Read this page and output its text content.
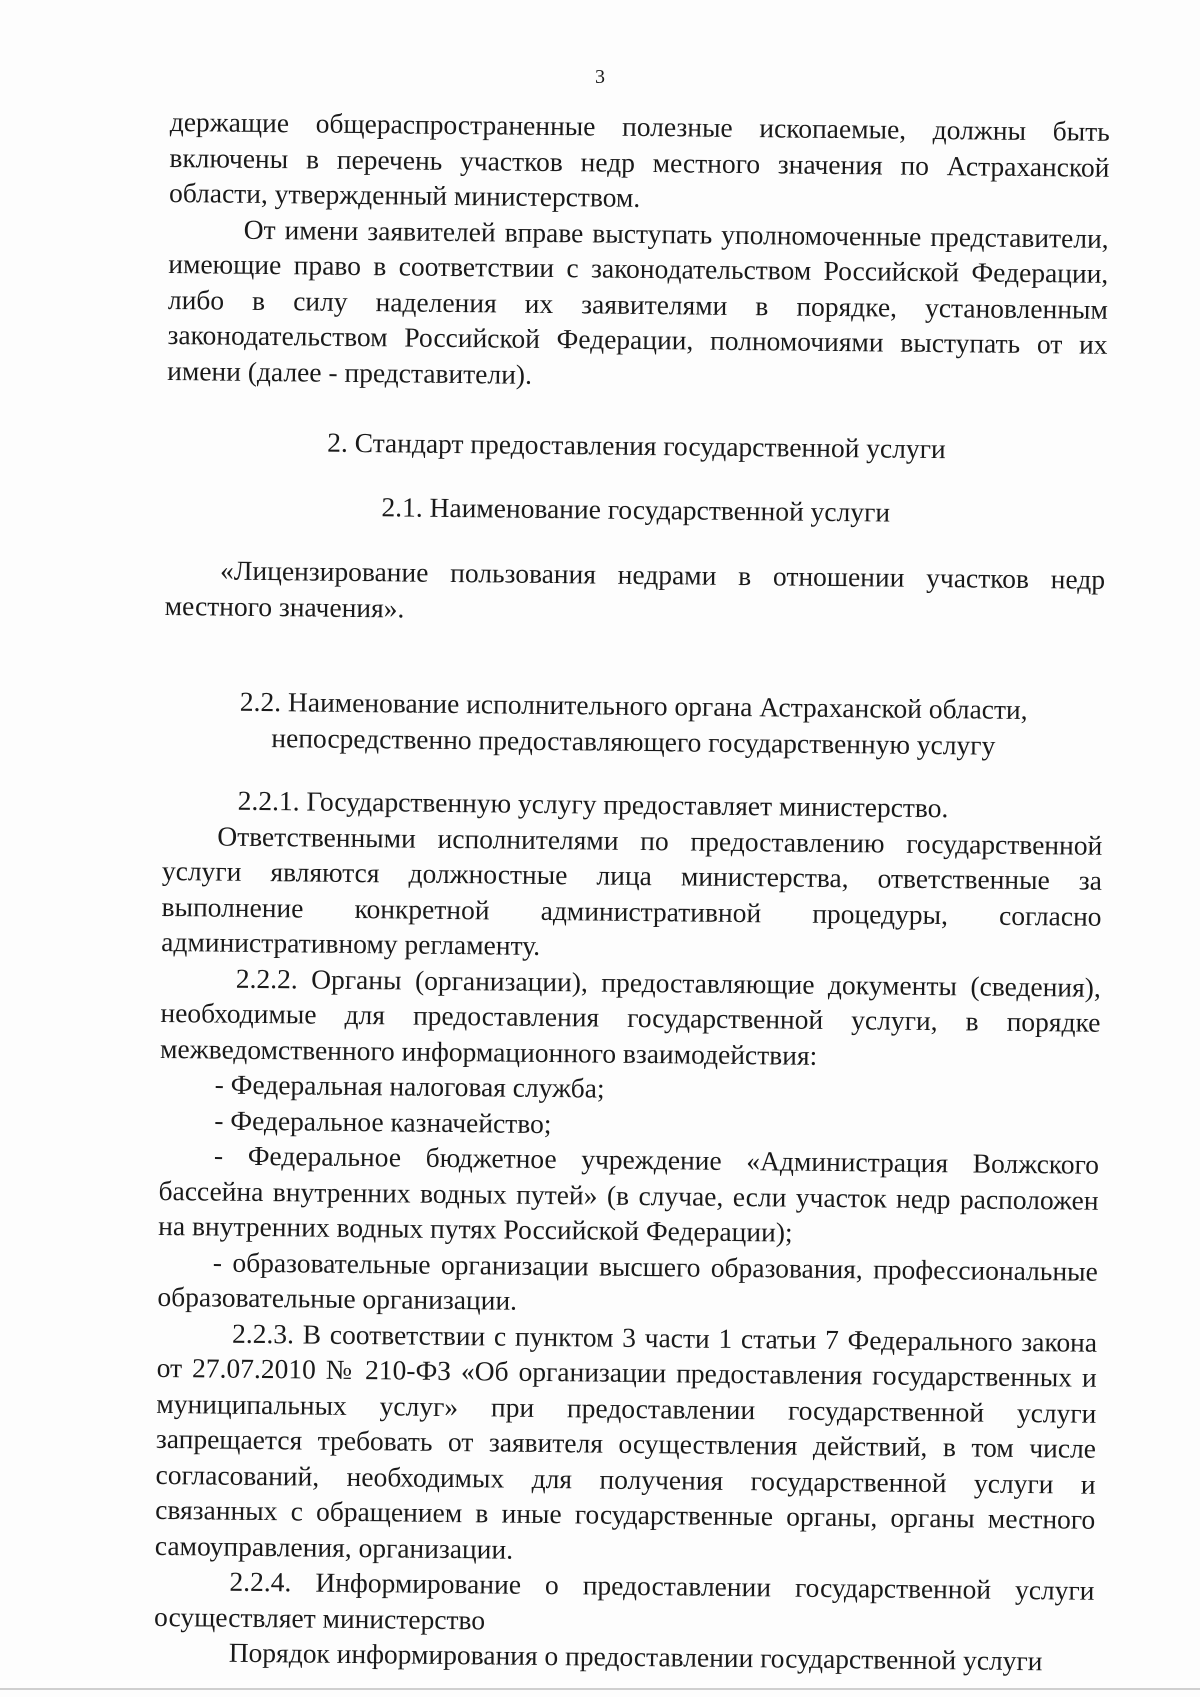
3

держащие общераспространенные полезные ископаемые, должны быть включены в перечень участков недр местного значения по Астраханской области, утвержденный министерством.

От имени заявителей вправе выступать уполномоченные представители, имеющие право в соответствии с законодательством Российской Федерации, либо в силу наделения их заявителями в порядке, установленным законодательством Российской Федерации, полномочиями выступать от их имени (далее - представители).

2. Стандарт предоставления государственной услуги

2.1. Наименование государственной услуги

«Лицензирование пользования недрами в отношении участков недр местного значения».

2.2. Наименование исполнительного органа Астраханской области, непосредственно предоставляющего государственную услугу

2.2.1. Государственную услугу предоставляет министерство.

Ответственными исполнителями по предоставлению государственной услуги являются должностные лица министерства, ответственные за выполнение конкретной административной процедуры, согласно административному регламенту.

2.2.2. Органы (организации), предоставляющие документы (сведения), необходимые для предоставления государственной услуги, в порядке межведомственного информационного взаимодействия:

- Федеральная налоговая служба;

- Федеральное казначейство;

- Федеральное бюджетное учреждение «Администрация Волжского бассейна внутренних водных путей» (в случае, если участок недр расположен на внутренних водных путях Российской Федерации);

- образовательные организации высшего образования, профессиональные образовательные организации.

2.2.3. В соответствии с пунктом 3 части 1 статьи 7 Федерального закона от 27.07.2010 № 210-ФЗ «Об организации предоставления государственных и муниципальных услуг» при предоставлении государственной услуги запрещается требовать от заявителя осуществления действий, в том числе согласований, необходимых для получения государственной услуги и связанных с обращением в иные государственные органы, органы местного самоуправления, организации.

2.2.4. Информирование о предоставлении государственной услуги осуществляет министерство

Порядок информирования о предоставлении государственной услуги
